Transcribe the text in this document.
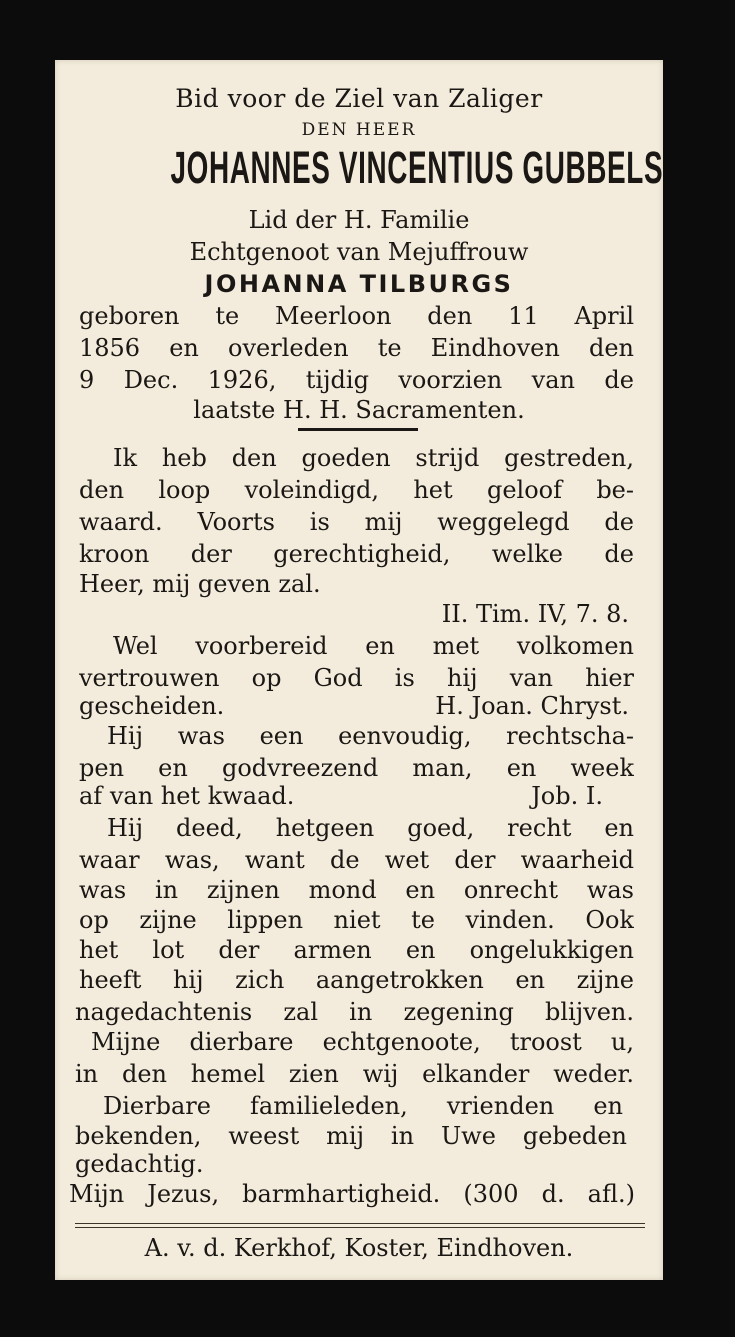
Bid voor de Ziel van Zaliger
DEN HEER
JOHANNES VINCENTIUS GUBBELS
Lid der H. Familie
Echtgenoot van Mejuffrouw
JOHANNA TILBURGS
geboren te Meerloon den 11 April
1856 en overleden te Eindhoven den
9 Dec. 1926, tijdig voorzien van de
laatste H. H. Sacramenten.
Ik heb den goeden strijd gestreden,
den loop voleindigd, het geloof be-
waard. Voorts is mij weggelegd de
kroon der gerechtigheid, welke de
Heer, mij geven zal.
II. Tim. IV, 7. 8.
Wel voorbereid en met volkomen
vertrouwen op God is hij van hier
gescheiden.	H. Joan. Chryst.
Hij was een eenvoudig, rechtscha-
pen en godvreezend man, en week
af van het kwaad.	Job. I.
Hij deed, hetgeen goed, recht en
waar was, want de wet der waarheid
was in zijnen mond en onrecht was
op zijne lippen niet te vinden. Ook
het lot der armen en ongelukkigen
heeft hij zich aangetrokken en zijne
nagedachtenis zal in zegening blijven.
Mijne dierbare echtgenoote, troost u,
in den hemel zien wij elkander weder.
Dierbare familieleden, vrienden en
bekenden, weest mij in Uwe gebeden
gedachtig.
Mijn Jezus, barmhartigheid. (300 d. afl.)
A. v. d. Kerkhof, Koster, Eindhoven.
